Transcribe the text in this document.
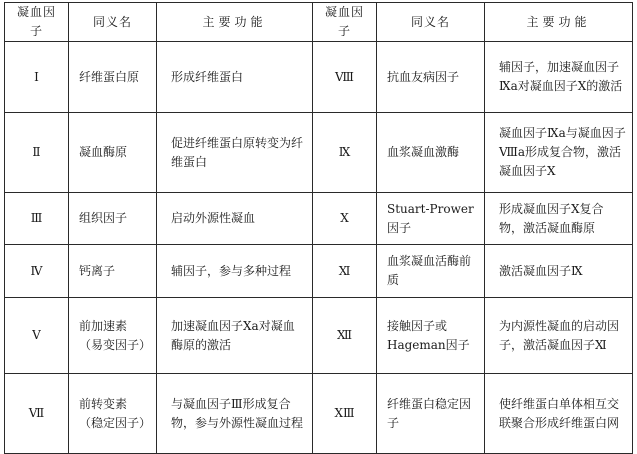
凝血因子	同义名	主要功能	凝血因子	同义名	主要功能
Ⅰ	纤维蛋白原	形成纤维蛋白	Ⅷ	抗血友病因子	辅因子，加速凝血因子Ⅸa对凝血因子Ⅹ的激活
Ⅱ	凝血酶原	促进纤维蛋白原转变为纤维蛋白	Ⅸ	血浆凝血激酶	凝血因子Ⅸa与凝血因子Ⅷa形成复合物，激活凝血因子Ⅹ
Ⅲ	组织因子	启动外源性凝血	Ⅹ	Stuart-Prower因子	形成凝血因子Ⅹ复合物，激活凝血酶原
Ⅳ	钙离子	辅因子，参与多种过程	Ⅺ	血浆凝血活酶前质	激活凝血因子Ⅸ
Ⅴ	前加速素（易变因子）	加速凝血因子Ⅹa对凝血酶原的激活	Ⅻ	接触因子或Hageman因子	为内源性凝血的启动因子，激活凝血因子Ⅺ
Ⅶ	前转变素（稳定因子）	与凝血因子Ⅲ形成复合物，参与外源性凝血过程	ⅩⅢ	纤维蛋白稳定因子	使纤维蛋白单体相互交联聚合形成纤维蛋白网
